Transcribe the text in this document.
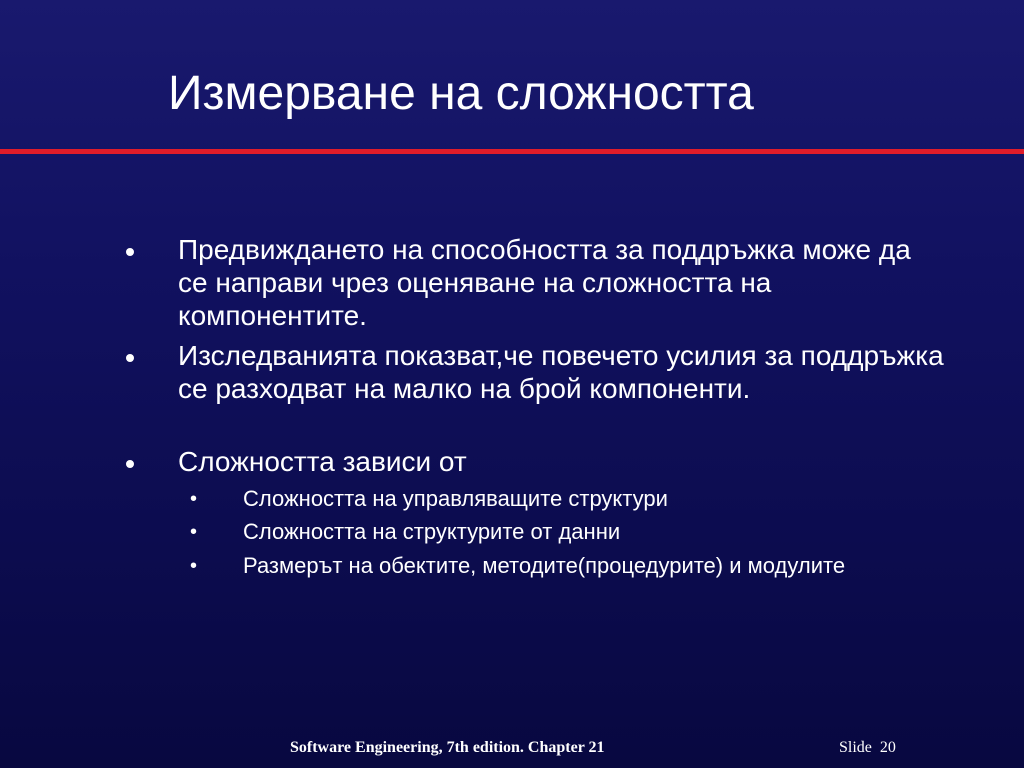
Измерване на сложността
Предвиждането на способността за поддръжка може да се направи чрез оценяване на сложността на компонентите.
Изследванията показват,че повечето усилия за поддръжка се разходват на малко на брой компоненти.
Сложността зависи от
• Сложността на управляващите структури
• Сложността на структурите от данни
• Размерът на обектите, методите(процедурите) и модулите
Software Engineering, 7th edition. Chapter 21	Slide 20
